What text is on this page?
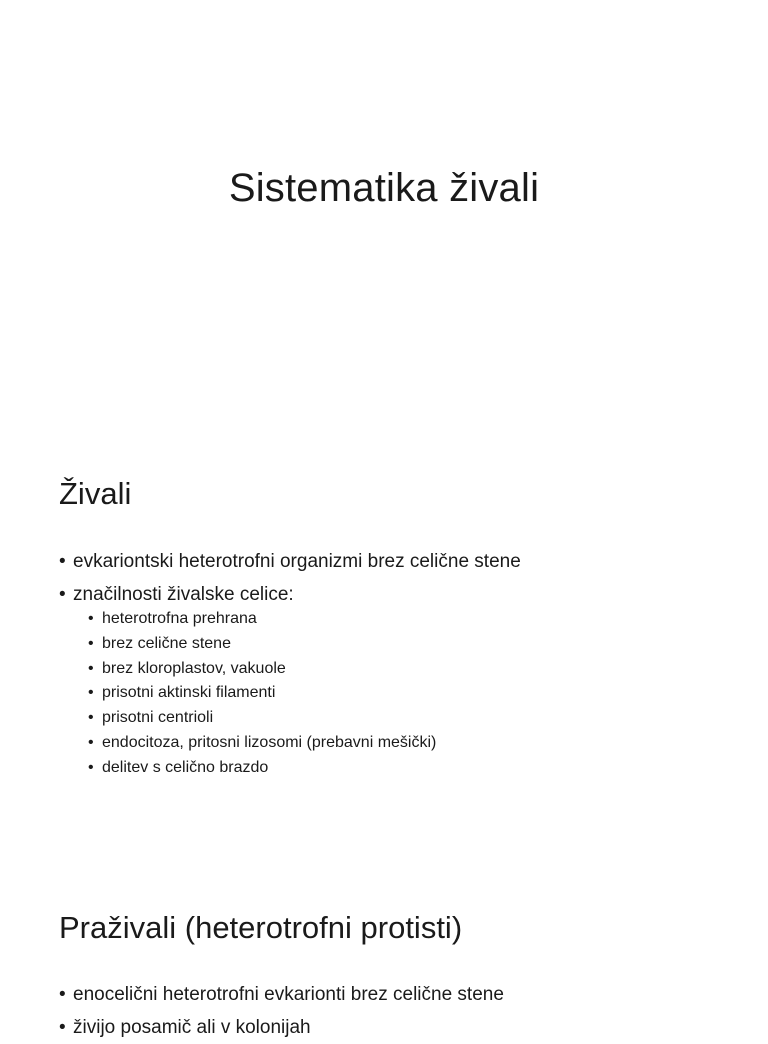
Sistematika živali
Živali
• evkariontski heterotrofni organizmi brez celične stene
• značilnosti živalske celice:
• heterotrofna prehrana
• brez celične stene
• brez kloroplastov, vakuole
• prisotni aktinski filamenti
• prisotni centrioli
• endocitoza, pritosni lizosomi (prebavni mešički)
• delitev s celično brazdo
Praživali (heterotrofni protisti)
• enocelični heterotrofni evkarionti brez celične stene
• živijo posamič ali v kolonijah
